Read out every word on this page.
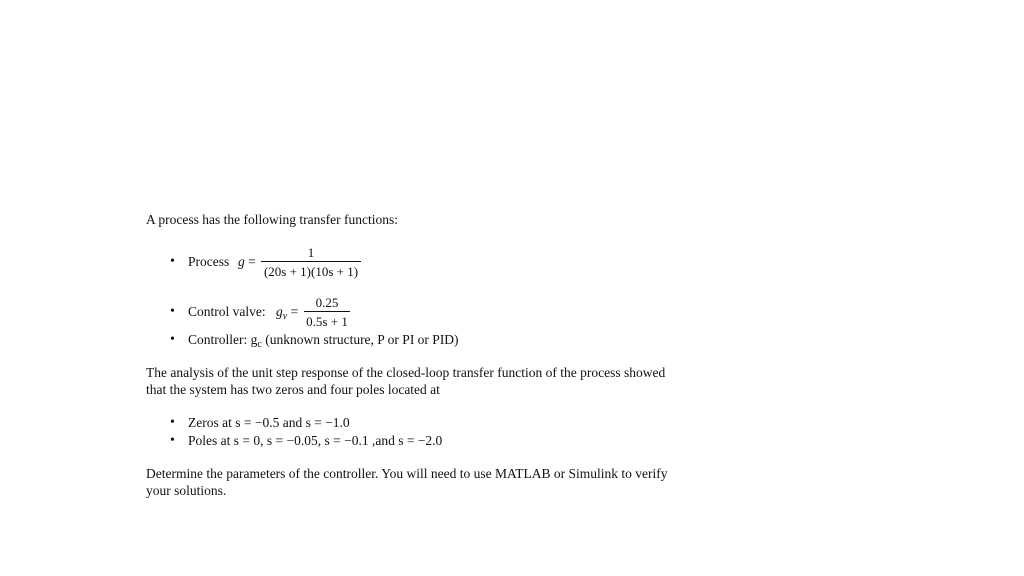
A process has the following transfer functions:
• Process $g = \frac{1}{(20s + 1)(10s + 1)}$
• Control valve: $g_v = \frac{0.25}{0.5s + 1}$
• Controller: $g_c$ (unknown structure, P or PI or PID)
The analysis of the unit step response of the closed-loop transfer function of the process showed
that the system has two zeros and four poles located at
• Zeros at s = −0.5 and s = −1.0
• Poles at s = 0, s = −0.05, s = −0.1 ,and s = −2.0
Determine the parameters of the controller. You will need to use MATLAB or Simulink to verify
your solutions.
